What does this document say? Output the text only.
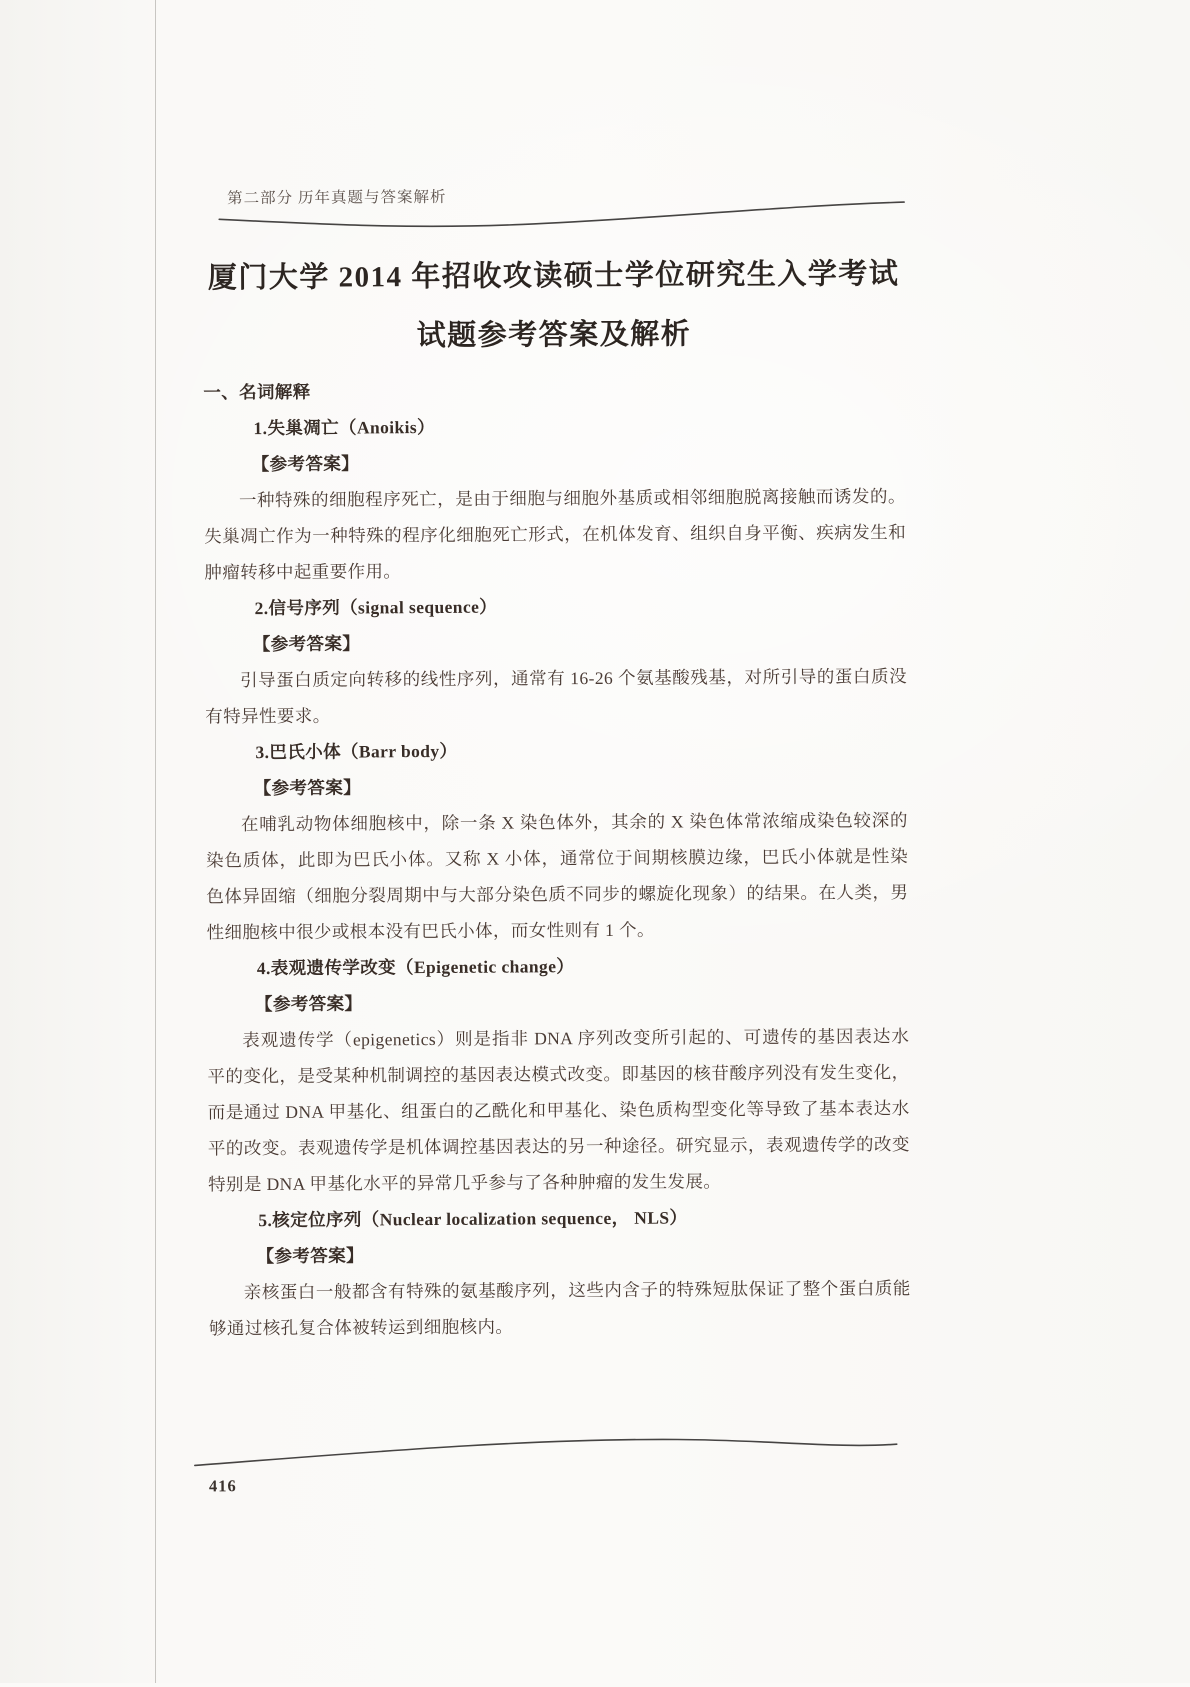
第二部分 历年真题与答案解析
厦门大学 2014 年招收攻读硕士学位研究生入学考试
试题参考答案及解析
一、名词解释
1.失巢凋亡（Anoikis）
【参考答案】

一种特殊的细胞程序死亡，是由于细胞与细胞外基质或相邻细胞脱离接触而诱发的。失巢凋亡作为一种特殊的程序化细胞死亡形式，在机体发育、组织自身平衡、疾病发生和肿瘤转移中起重要作用。

2.信号序列（signal sequence）
【参考答案】

引导蛋白质定向转移的线性序列，通常有 16-26 个氨基酸残基，对所引导的蛋白质没有特异性要求。

3.巴氏小体（Barr body）
【参考答案】

在哺乳动物体细胞核中，除一条 X 染色体外，其余的 X 染色体常浓缩成染色较深的染色质体，此即为巴氏小体。又称 X 小体，通常位于间期核膜边缘，巴氏小体就是性染色体异固缩（细胞分裂周期中与大部分染色质不同步的螺旋化现象）的结果。在人类，男性细胞核中很少或根本没有巴氏小体，而女性则有 1 个。

4.表观遗传学改变（Epigenetic change）
【参考答案】

表观遗传学（epigenetics）则是指非 DNA 序列改变所引起的、可遗传的基因表达水平的变化，是受某种机制调控的基因表达模式改变。即基因的核苷酸序列没有发生变化，而是通过 DNA 甲基化、组蛋白的乙酰化和甲基化、染色质构型变化等导致了基本表达水平的改变。表观遗传学是机体调控基因表达的另一种途径。研究显示，表观遗传学的改变特别是 DNA 甲基化水平的异常几乎参与了各种肿瘤的发生发展。

5.核定位序列（Nuclear localization sequence， NLS）
【参考答案】

亲核蛋白一般都含有特殊的氨基酸序列，这些内含子的特殊短肽保证了整个蛋白质能够通过核孔复合体被转运到细胞核内。

416
